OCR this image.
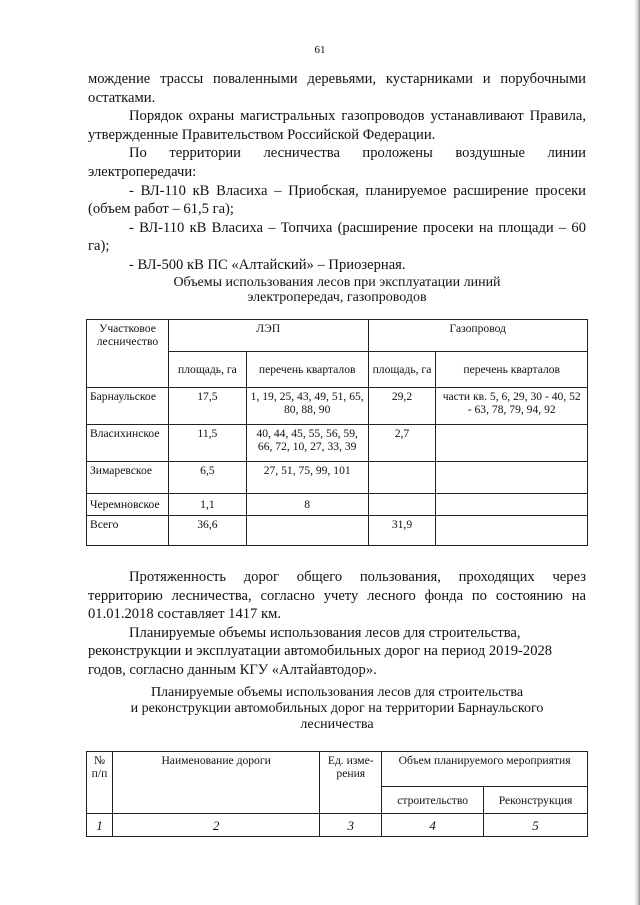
61

мождение трассы поваленными деревьями, кустарниками и порубочными остатками.

Порядок охраны магистральных газопроводов устанавливают Правила, утвержденные Правительством Российской Федерации.

По территории лесничества проложены воздушные линии электропередачи:

- ВЛ-110 кВ Власиха – Приобская, планируемое расширение просеки (объем работ – 61,5 га);

- ВЛ-110 кВ Власиха – Топчиха (расширение просеки на площади – 60 га);

- ВЛ-500 кВ ПС «Алтайский» – Приозерная.

Объемы использования лесов при эксплуатации линий
электропередач, газопроводов
Участковое лесничество	ЛЭП		Газопровод	
	площадь, га	перечень кварталов	площадь, га	перечень кварталов
Барнаульское	17,5	1, 19, 25, 43, 49, 51, 65, 80, 88, 90	29,2	части кв. 5, 6, 29, 30 - 40, 52 - 63, 78, 79, 94, 92
Власихинское	11,5	40, 44, 45, 55, 56, 59, 66, 72, 10, 27, 33, 39	2,7	
Зимаревское	6,5	27, 51, 75, 99, 101		
Черемновское	1,1	8		
Всего	36,6		31,9	

Протяженность дорог общего пользования, проходящих через территорию лесничества, согласно учету лесного фонда по состоянию на 01.01.2018 составляет 1417 км.

Планируемые объемы использования лесов для строительства, реконструкции и эксплуатации автомобильных дорог на период 2019-2028 годов, согласно данным КГУ «Алтайавтодор».

Планируемые объемы использования лесов для строительства
и реконструкции автомобильных дорог на территории Барнаульского
лесничества
№ п/п	Наименование дороги	Ед. изме-рения	Объем планируемого мероприятия	
			строительство	Реконструкция
1	2	3	4	5
